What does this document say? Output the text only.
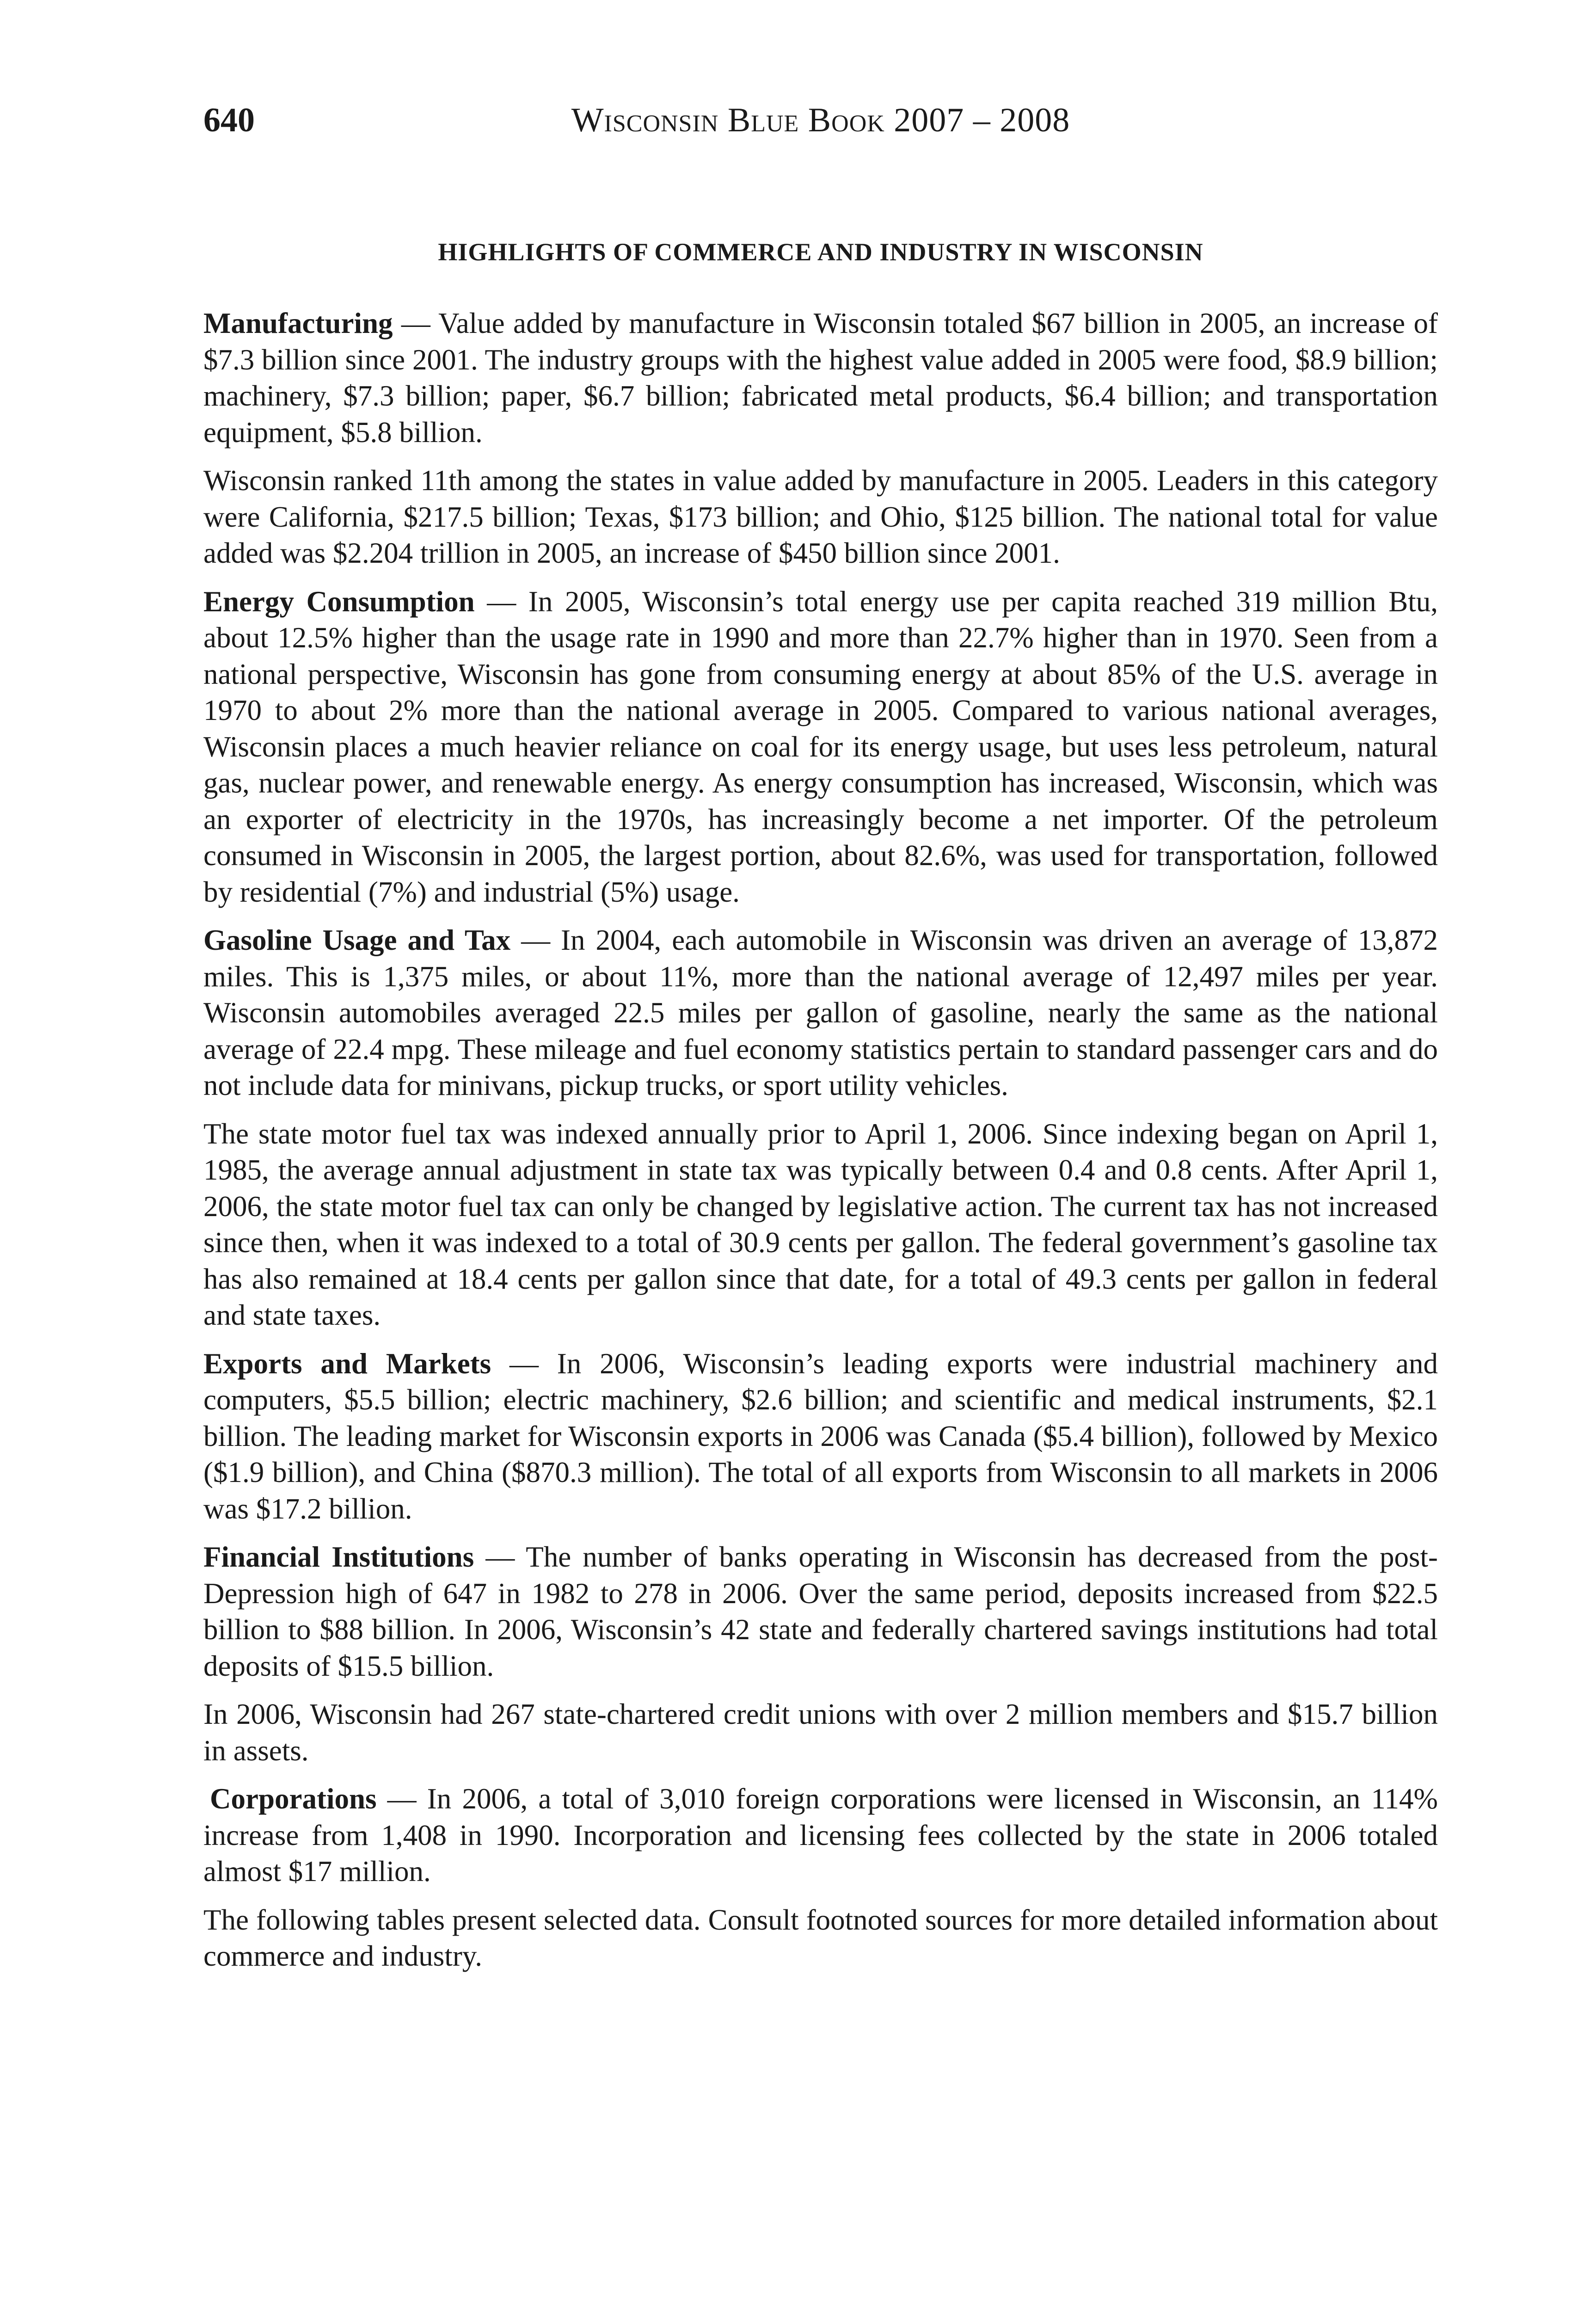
640	Wisconsin Blue Book 2007 – 2008
HIGHLIGHTS OF COMMERCE AND INDUSTRY IN WISCONSIN

Manufacturing — Value added by manufacture in Wisconsin totaled $67 billion in 2005, an increase of $7.3 billion since 2001. The industry groups with the highest value added in 2005 were food, $8.9 billion; machinery, $7.3 billion; paper, $6.7 billion; fabricated metal products, $6.4 billion; and transportation equipment, $5.8 billion.

Wisconsin ranked 11th among the states in value added by manufacture in 2005. Leaders in this category were California, $217.5 billion; Texas, $173 billion; and Ohio, $125 billion. The national total for value added was $2.204 trillion in 2005, an increase of $450 billion since 2001.

Energy Consumption — In 2005, Wisconsin’s total energy use per capita reached 319 million Btu, about 12.5% higher than the usage rate in 1990 and more than 22.7% higher than in 1970. Seen from a national perspective, Wisconsin has gone from consuming energy at about 85% of the U.S. average in 1970 to about 2% more than the national average in 2005. Compared to various national averages, Wisconsin places a much heavier reliance on coal for its energy usage, but uses less petroleum, natural gas, nuclear power, and renewable energy. As energy consumption has increased, Wisconsin, which was an exporter of electricity in the 1970s, has increasingly become a net importer. Of the petroleum consumed in Wisconsin in 2005, the largest portion, about 82.6%, was used for transportation, followed by residential (7%) and industrial (5%) usage.

Gasoline Usage and Tax — In 2004, each automobile in Wisconsin was driven an average of 13,872 miles. This is 1,375 miles, or about 11%, more than the national average of 12,497 miles per year. Wisconsin automobiles averaged 22.5 miles per gallon of gasoline, nearly the same as the national average of 22.4 mpg. These mileage and fuel economy statistics pertain to standard passenger cars and do not include data for minivans, pickup trucks, or sport utility vehicles.

The state motor fuel tax was indexed annually prior to April 1, 2006. Since indexing began on April 1, 1985, the average annual adjustment in state tax was typically between 0.4 and 0.8 cents. After April 1, 2006, the state motor fuel tax can only be changed by legislative action. The current tax has not increased since then, when it was indexed to a total of 30.9 cents per gallon. The federal government’s gasoline tax has also remained at 18.4 cents per gallon since that date, for a total of 49.3 cents per gallon in federal and state taxes.

Exports and Markets — In 2006, Wisconsin’s leading exports were industrial machinery and computers, $5.5 billion; electric machinery, $2.6 billion; and scientific and medical instruments, $2.1 billion. The leading market for Wisconsin exports in 2006 was Canada ($5.4 billion), followed by Mexico ($1.9 billion), and China ($870.3 million). The total of all exports from Wisconsin to all markets in 2006 was $17.2 billion.

Financial Institutions — The number of banks operating in Wisconsin has decreased from the post-Depression high of 647 in 1982 to 278 in 2006. Over the same period, deposits increased from $22.5 billion to $88 billion. In 2006, Wisconsin’s 42 state and federally chartered savings institutions had total deposits of $15.5 billion.

In 2006, Wisconsin had 267 state-chartered credit unions with over 2 million members and $15.7 billion in assets.

Corporations — In 2006, a total of 3,010 foreign corporations were licensed in Wisconsin, an 114% increase from 1,408 in 1990. Incorporation and licensing fees collected by the state in 2006 totaled almost $17 million.

The following tables present selected data. Consult footnoted sources for more detailed information about commerce and industry.
